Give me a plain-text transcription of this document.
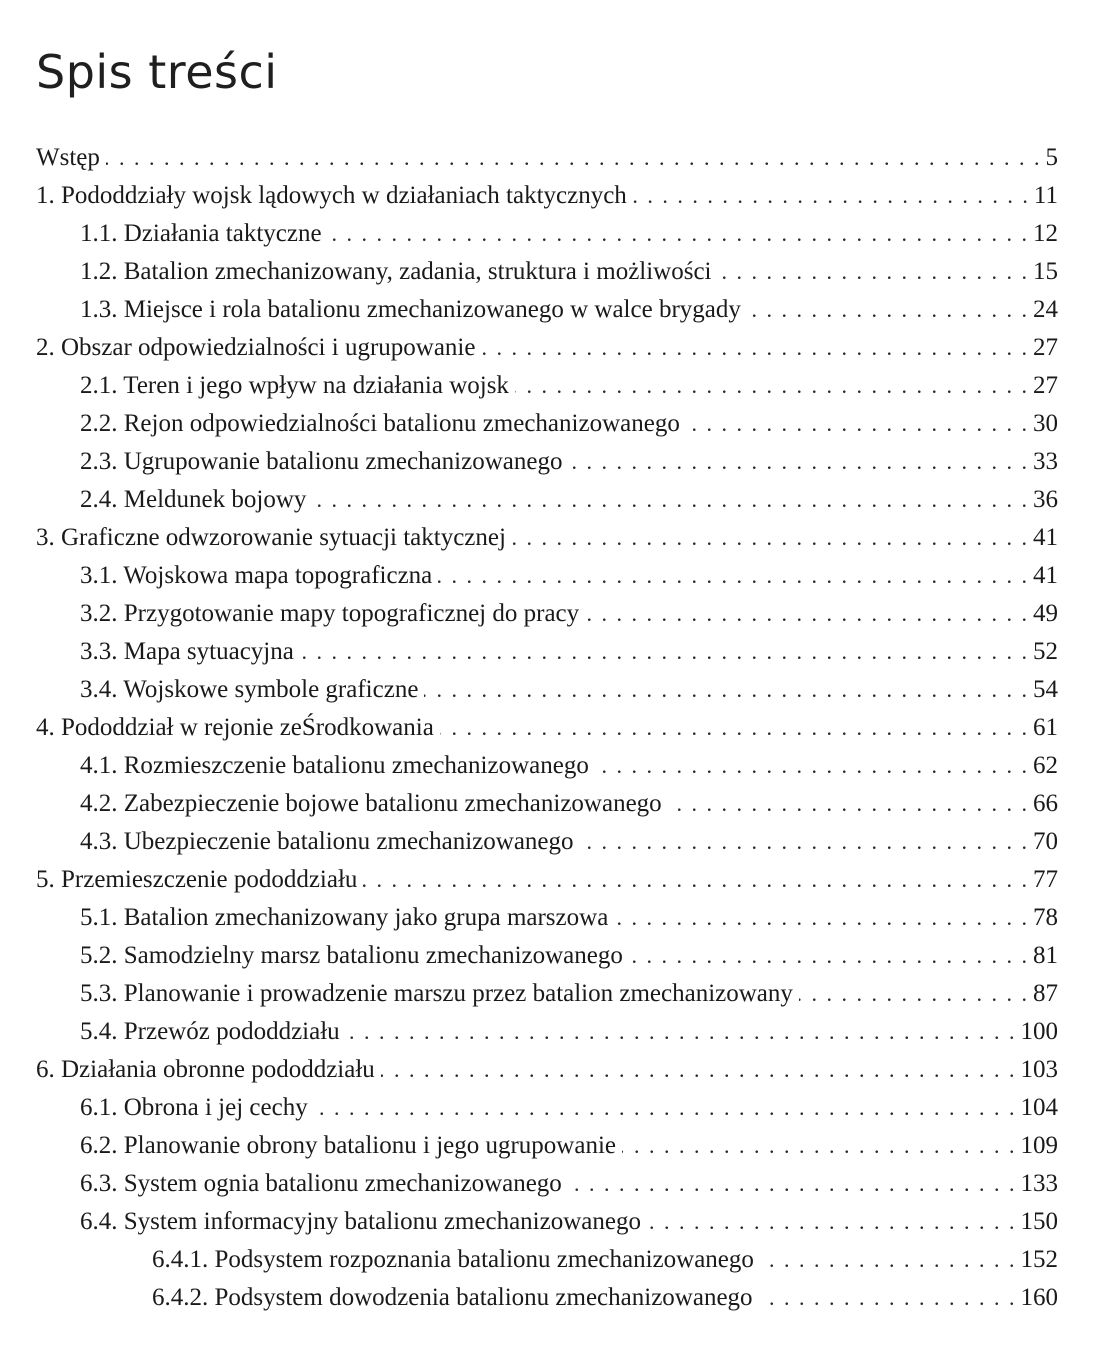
Spis treści
Wstęp . . .	5
1. Pododdziały wojsk lądowych w działaniach taktycznych . . .	11
1.1. Działania taktyczne . . .	12
1.2. Batalion zmechanizowany, zadania, struktura i możliwości . . .	15
1.3. Miejsce i rola batalionu zmechanizowanego w walce brygady . . .	24
2. Obszar odpowiedzialności i ugrupowanie . . .	27
2.1. Teren i jego wpływ na działania wojsk . . .	27
2.2. Rejon odpowiedzialności batalionu zmechanizowanego . . .	30
2.3. Ugrupowanie batalionu zmechanizowanego . . .	33
2.4. Meldunek bojowy . . .	36
3. Graficzne odwzorowanie sytuacji taktycznej . . .	41
3.1. Wojskowa mapa topograficzna . . .	41
3.2. Przygotowanie mapy topograficznej do pracy . . .	49
3.3. Mapa sytuacyjna . . .	52
3.4. Wojskowe symbole graficzne . . .	54
4. Pododdział w rejonie zeŚrodkowania . . .	61
4.1. Rozmieszczenie batalionu zmechanizowanego . . .	62
4.2. Zabezpieczenie bojowe batalionu zmechanizowanego . . .	66
4.3. Ubezpieczenie batalionu zmechanizowanego . . .	70
5. Przemieszczenie pododdziału . . .	77
5.1. Batalion zmechanizowany jako grupa marszowa . . .	78
5.2. Samodzielny marsz batalionu zmechanizowanego . . .	81
5.3. Planowanie i prowadzenie marszu przez batalion zmechanizowany . . .	87
5.4. Przewóz pododdziału . . .	100
6. Działania obronne pododdziału . . .	103
6.1. Obrona i jej cechy . . .	104
6.2. Planowanie obrony batalionu i jego ugrupowanie . . .	109
6.3. System ognia batalionu zmechanizowanego . . .	133
6.4. System informacyjny batalionu zmechanizowanego . . .	150
6.4.1. Podsystem rozpoznania batalionu zmechanizowanego . . .	152
6.4.2. Podsystem dowodzenia batalionu zmechanizowanego . . .	160
